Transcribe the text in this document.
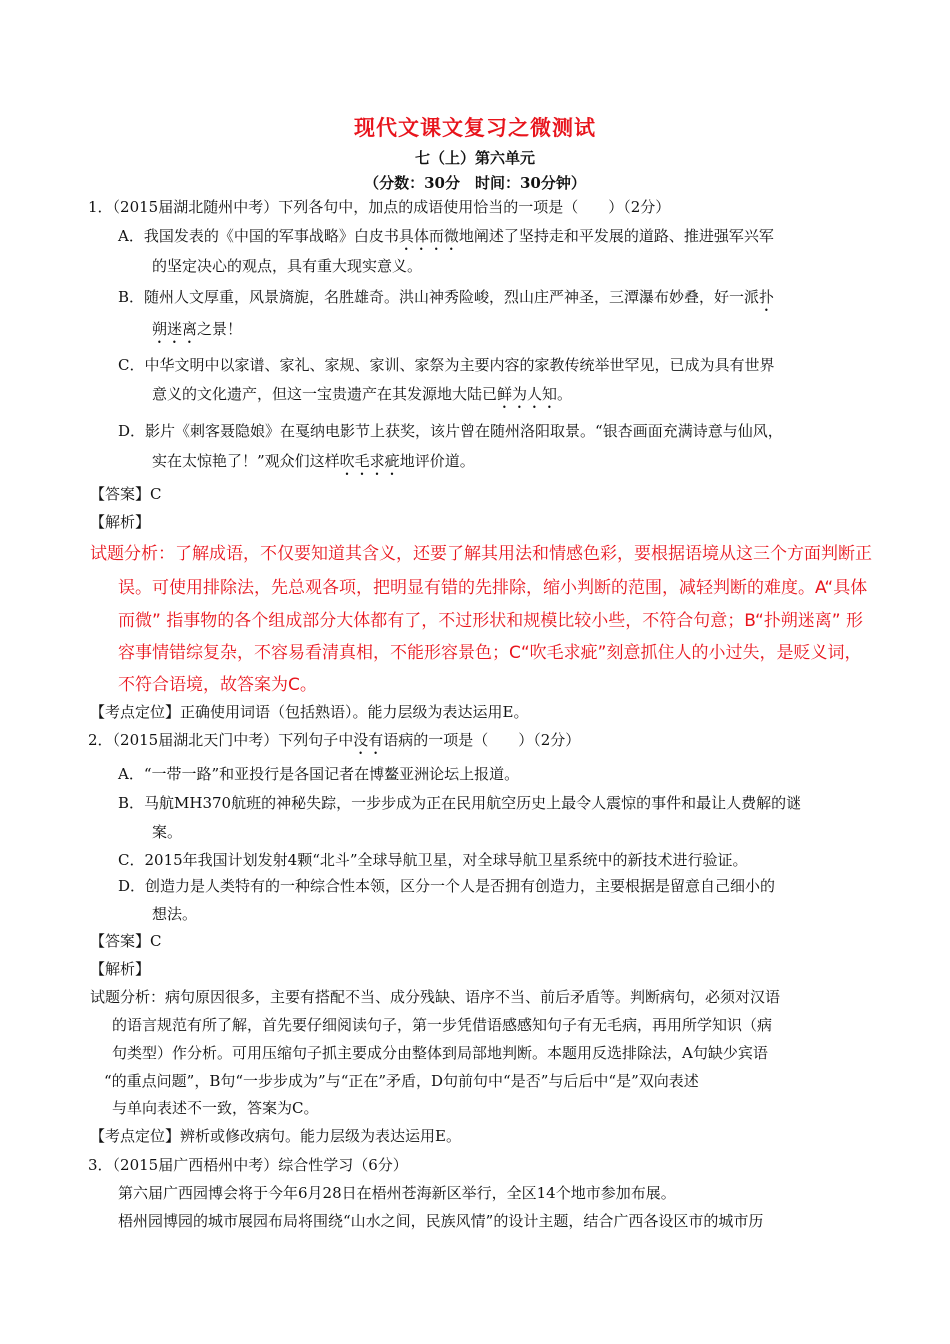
现代文课文复习之微测试
七（上）第六单元
（分数：30分　时间：30分钟）
1．（2015届湖北随州中考）下列各句中，加点的成语使用恰当的一项是（　　）（2分）
A．我国发表的《中国的军事战略》白皮书具体而微地阐述了坚持走和平发展的道路、推进强军兴军
的坚定决心的观点，具有重大现实意义。
B．随州人文厚重，风景旖旎，名胜雄奇。洪山神秀险峻，烈山庄严神圣，三潭瀑布妙叠，好一派扑
朔迷离之景！
C．中华文明中以家谱、家礼、家规、家训、家祭为主要内容的家教传统举世罕见，已成为具有世界
意义的文化遗产，但这一宝贵遗产在其发源地大陆已鲜为人知。
D．影片《刺客聂隐娘》在戛纳电影节上获奖，该片曾在随州洛阳取景。“银杏画面充满诗意与仙风，
实在太惊艳了！”观众们这样吹毛求疵地评价道。
【答案】C
【解析】
试题分析：了解成语，不仅要知道其含义，还要了解其用法和情感色彩，要根据语境从这三个方面判断正
误。可使用排除法，先总观各项，把明显有错的先排除，缩小判断的范围，减轻判断的难度。A“具体
而微” 指事物的各个组成部分大体都有了，不过形状和规模比较小些，不符合句意；B“扑朔迷离” 形
容事情错综复杂，不容易看清真相，不能形容景色；C“吹毛求疵”刻意抓住人的小过失，是贬义词，
不符合语境，故答案为C。
【考点定位】正确使用词语（包括熟语）。能力层级为表达运用E。
2．（2015届湖北天门中考）下列句子中没有语病的一项是（　　）（2分）
A．“一带一路”和亚投行是各国记者在博鳌亚洲论坛上报道。
B．马航MH370航班的神秘失踪，一步步成为正在民用航空历史上最令人震惊的事件和最让人费解的谜
案。
C．2015年我国计划发射4颗“北斗”全球导航卫星，对全球导航卫星系统中的新技术进行验证。
D．创造力是人类特有的一种综合性本领，区分一个人是否拥有创造力，主要根据是留意自己细小的
想法。
【答案】C
【解析】
试题分析：病句原因很多，主要有搭配不当、成分残缺、语序不当、前后矛盾等。判断病句，必须对汉语
的语言规范有所了解，首先要仔细阅读句子，第一步凭借语感感知句子有无毛病，再用所学知识（病
句类型）作分析。可用压缩句子抓主要成分由整体到局部地判断。本题用反选排除法，A句缺少宾语
“的重点问题”，B句“一步步成为”与“正在”矛盾，D句前句中“是否”与后后中“是”双向表述
与单向表述不一致，答案为C。
【考点定位】辨析或修改病句。能力层级为表达运用E。
3．（2015届广西梧州中考）综合性学习（6分）
第六届广西园博会将于今年6月28日在梧州苍海新区举行，全区14个地市参加布展。
梧州园博园的城市展园布局将围绕“山水之间，民族风情”的设计主题，结合广西各设区市的城市历
